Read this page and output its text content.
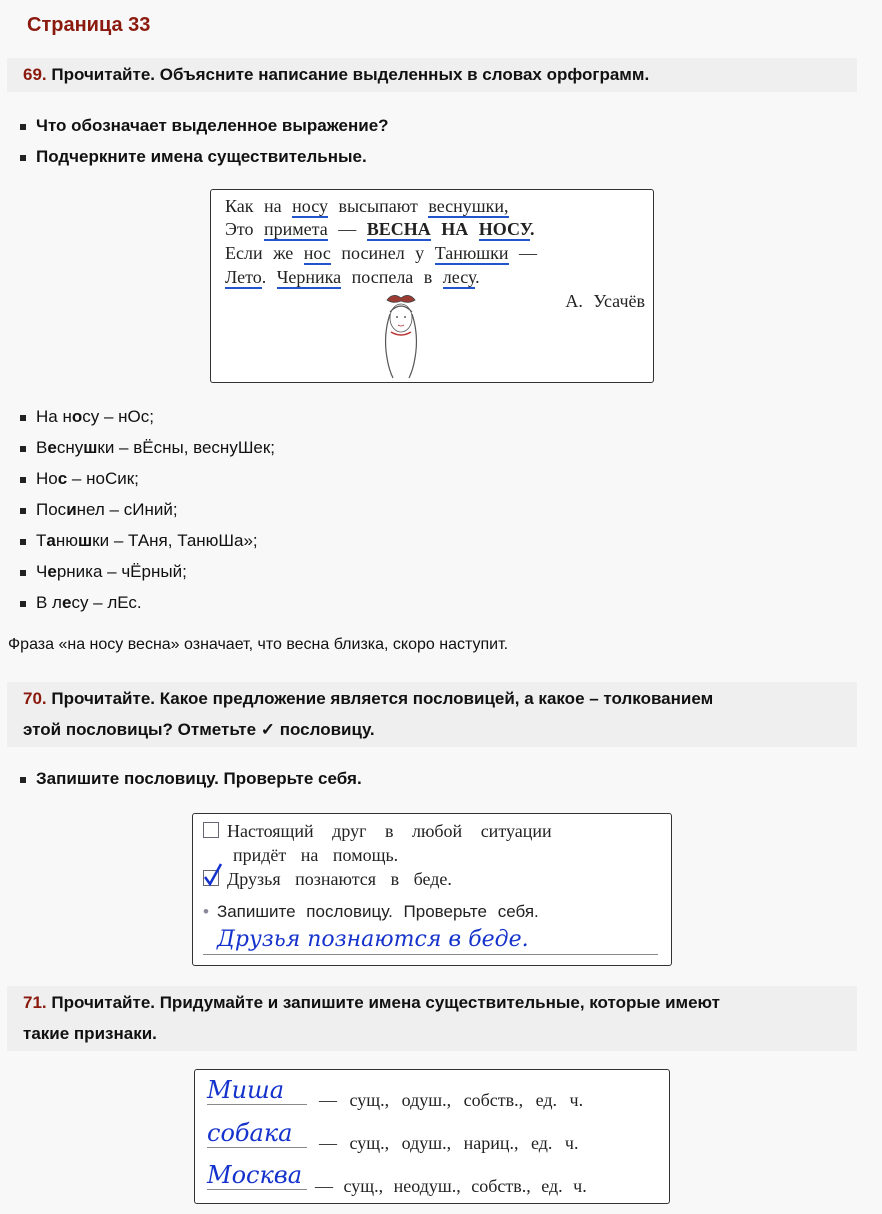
Страница 33
69. Прочитайте. Объясните написание выделенных в словах орфограмм.
Что обозначает выделенное выражение?
Подчеркните имена существительные.
Как на носу высыпают веснушки,
Это примета — ВЕСНА НА НОСУ.
Если же нос посинел у Танюшки —
Лето. Черника поспела в лесу.
А. Усачёв
На носу – нОс;
Веснушки – вЁсны, веснуШек;
Нос – ноСик;
Посинел – сИний;
Танюшки – ТАня, ТанюШа»;
Черника – чЁрный;
В лесу – лЕс.
Фраза «на носу весна» означает, что весна близка, скоро наступит.
70. Прочитайте. Какое предложение является пословицей, а какое – толкованием
этой пословицы? Отметьте ✓ пословицу.
Запишите пословицу. Проверьте себя.
Настоящий друг в любой ситуации
придёт на помощь.
Друзья познаются в беде.
• Запишите пословицу. Проверьте себя.
Друзья познаются в беде.
71. Прочитайте. Придумайте и запишите имена существительные, которые имеют
такие признаки.
Миша	— сущ., одуш., собств., ед. ч.
собака	— сущ., одуш., нариц., ед. ч.
Москва — сущ., неодуш., собств., ед. ч.
